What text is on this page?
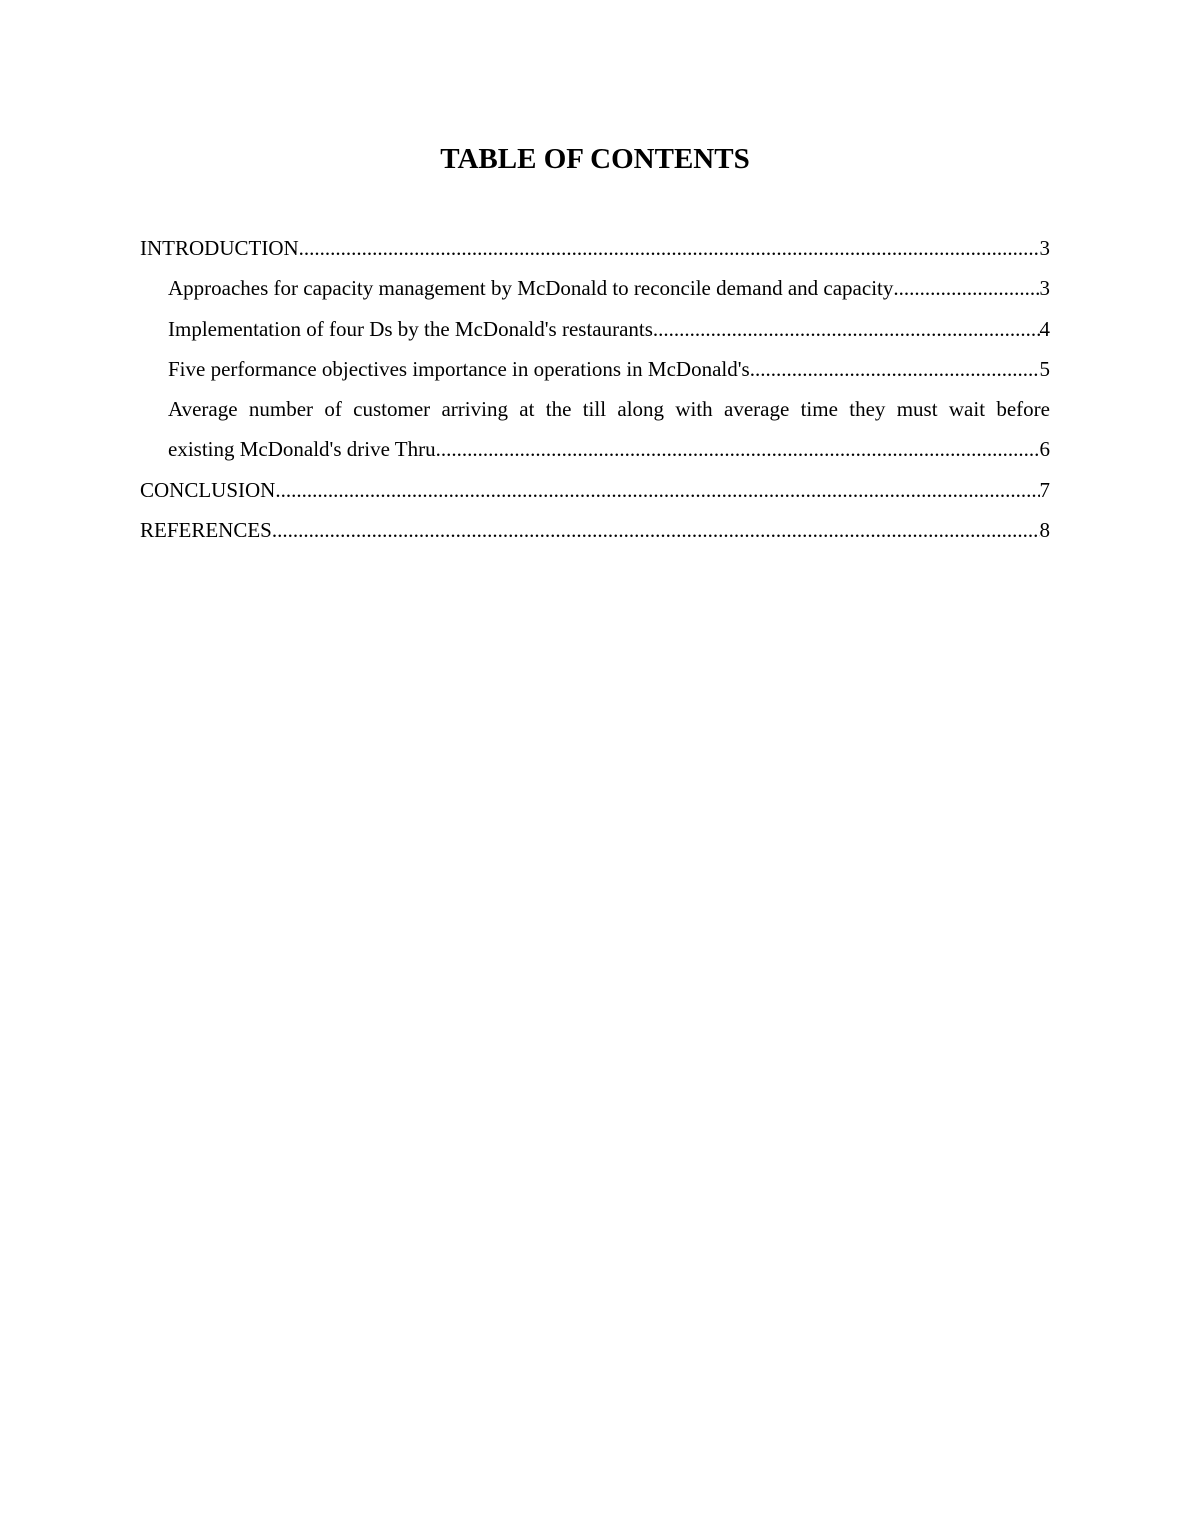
TABLE OF CONTENTS
INTRODUCTION .....	3
Approaches for capacity management by McDonald to reconcile demand and capacity .....	3
Implementation of four Ds by the McDonald's restaurants .....	4
Five performance objectives importance in operations in McDonald's .....	5
Average number of customer arriving at the till along with average time they must wait before
existing McDonald's drive Thru .....	6
CONCLUSION .....	7
REFERENCES .....	8
